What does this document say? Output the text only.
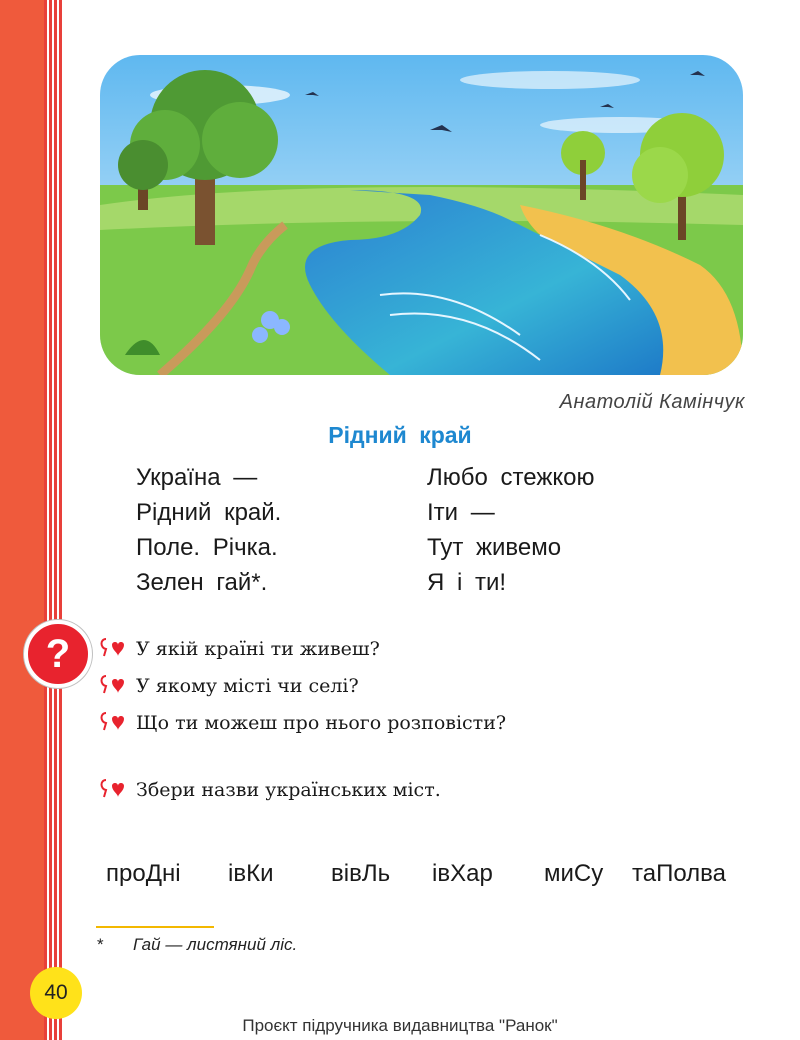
Анатолій Камінчук
Рідний край
Україна —
Рідний край.
Поле. Річка.
Зелен гай*.
Любо стежкою
Іти —
Тут живемо
Я і ти!
?	У якій країні ти живеш?
У якому місті чи селі?
Що ти можеш про нього розповісти?
Збери назви українських міст.
проДні івКи вівЛь івХар миСу таПолва
* Гай — листяний ліс.
40
Проєкт підручника видавництва "Ранок"
